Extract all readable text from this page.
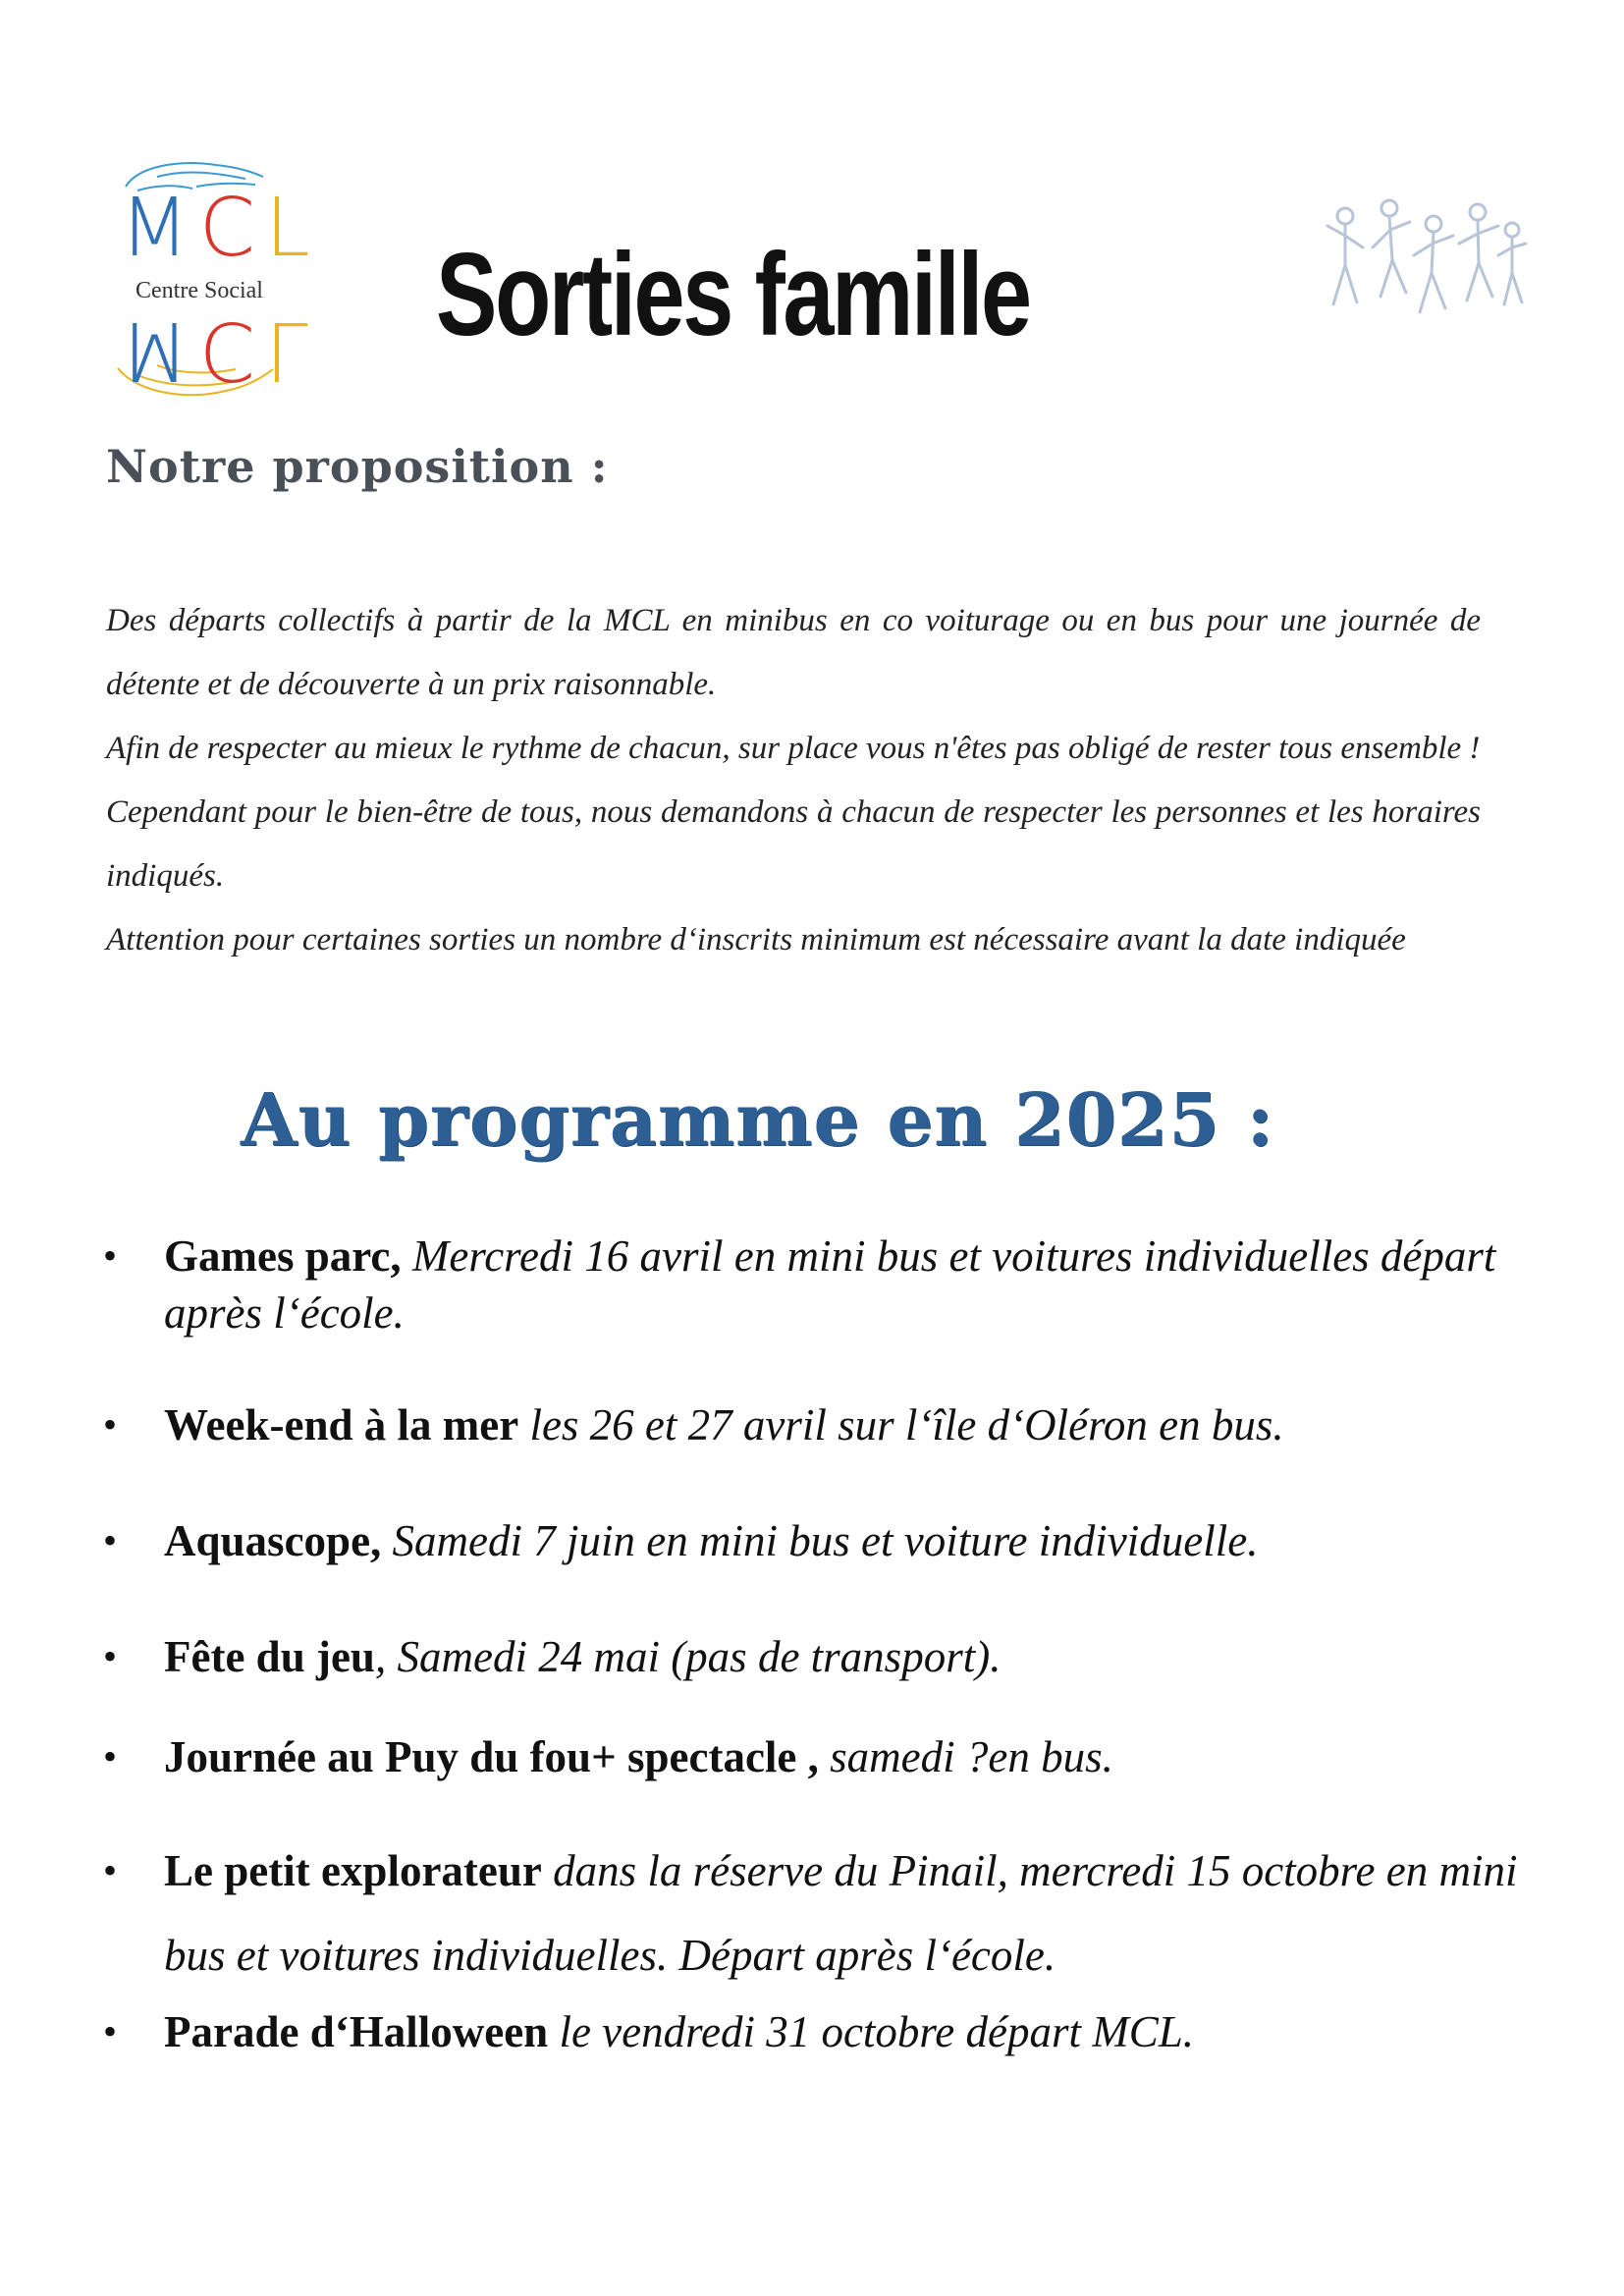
MCL
Centre Social
MCL Sorties famille
Notre proposition :

Des départs collectifs à partir de la MCL en minibus en co voiturage ou en bus pour une journée de détente et de découverte à un prix raisonnable.

Afin de respecter au mieux le rythme de chacun, sur place vous n'êtes pas obligé de rester tous ensemble !

Cependant pour le bien-être de tous, nous demandons à chacun de respecter les personnes et les horaires indiqués.

Attention pour certaines sorties un nombre d‘inscrits minimum est nécessaire avant la date indiquée

Au programme en 2025 :
• Games parc, Mercredi 16 avril en mini bus et voitures individuelles départ après l‘école.
• Week-end à la mer les 26 et 27 avril sur l‘île d‘Oléron en bus.
• Aquascope, Samedi 7 juin en mini bus et voiture individuelle.
• Fête du jeu, Samedi 24 mai (pas de transport).
• Journée au Puy du fou+ spectacle , samedi ?en bus.
• Le petit explorateur dans la réserve du Pinail, mercredi 15 octobre en mini bus et voitures individuelles. Départ après l‘école.
• Parade d‘Halloween le vendredi 31 octobre départ MCL.
